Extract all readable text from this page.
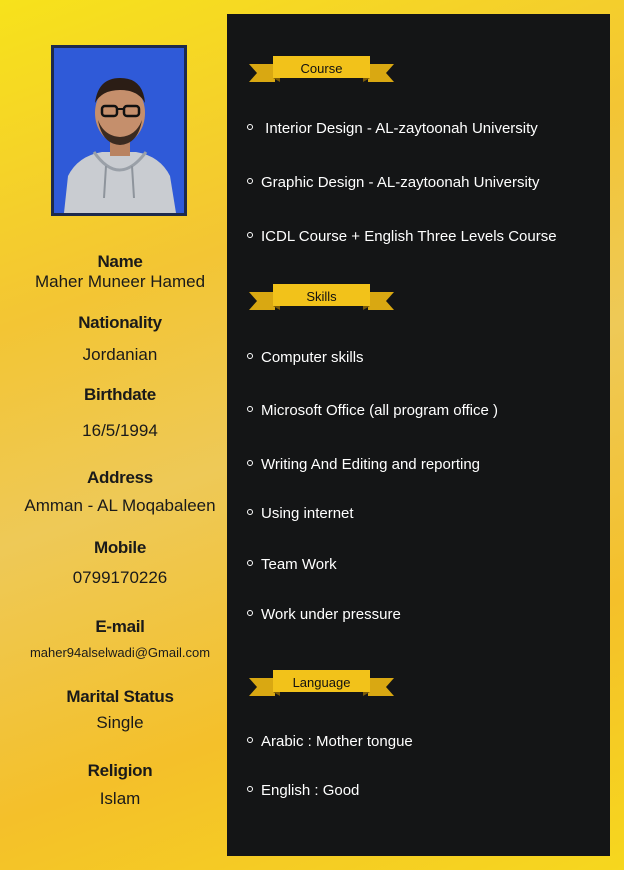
Name
Maher Muneer Hamed
Nationality
Jordanian
Birthdate
16/5/1994
Address
Amman - AL Moqabaleen
Mobile
0799170226
E-mail
maher94alselwadi@Gmail.com
Marital Status
Single
Religion
Islam
Course
Interior Design - AL-zaytoonah University
Graphic Design - AL-zaytoonah University
ICDL Course + English Three Levels Course
Skills
Computer skills
Microsoft Office (all program office )
Writing And Editing and reporting
Using internet
Team Work
Work under pressure
Language
Arabic : Mother tongue
English : Good
